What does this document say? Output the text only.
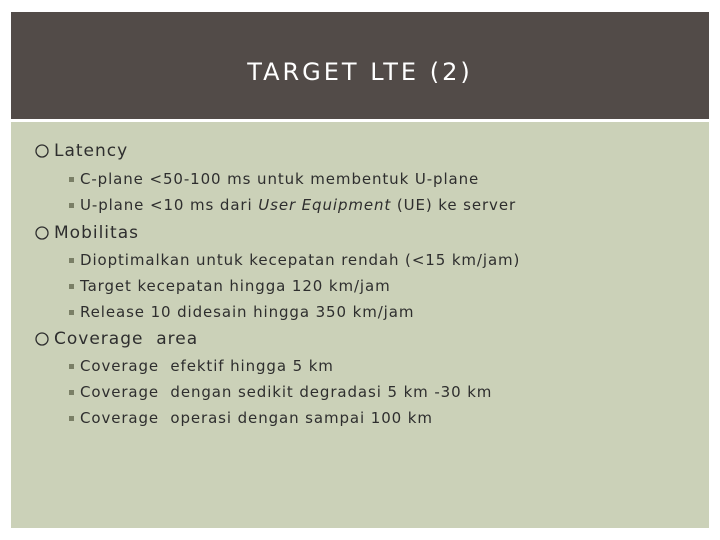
TARGET LTE (2)
Latency
C-plane <50-100 ms untuk membentuk U-plane
U-plane <10 ms dari User Equipment (UE) ke server
Mobilitas
Dioptimalkan untuk kecepatan rendah (<15 km/jam)
Target kecepatan hingga 120 km/jam
Release 10 didesain hingga 350 km/jam
Coverage  area
Coverage  efektif hingga 5 km
Coverage  dengan sedikit degradasi 5 km -30 km
Coverage  operasi dengan sampai 100 km
